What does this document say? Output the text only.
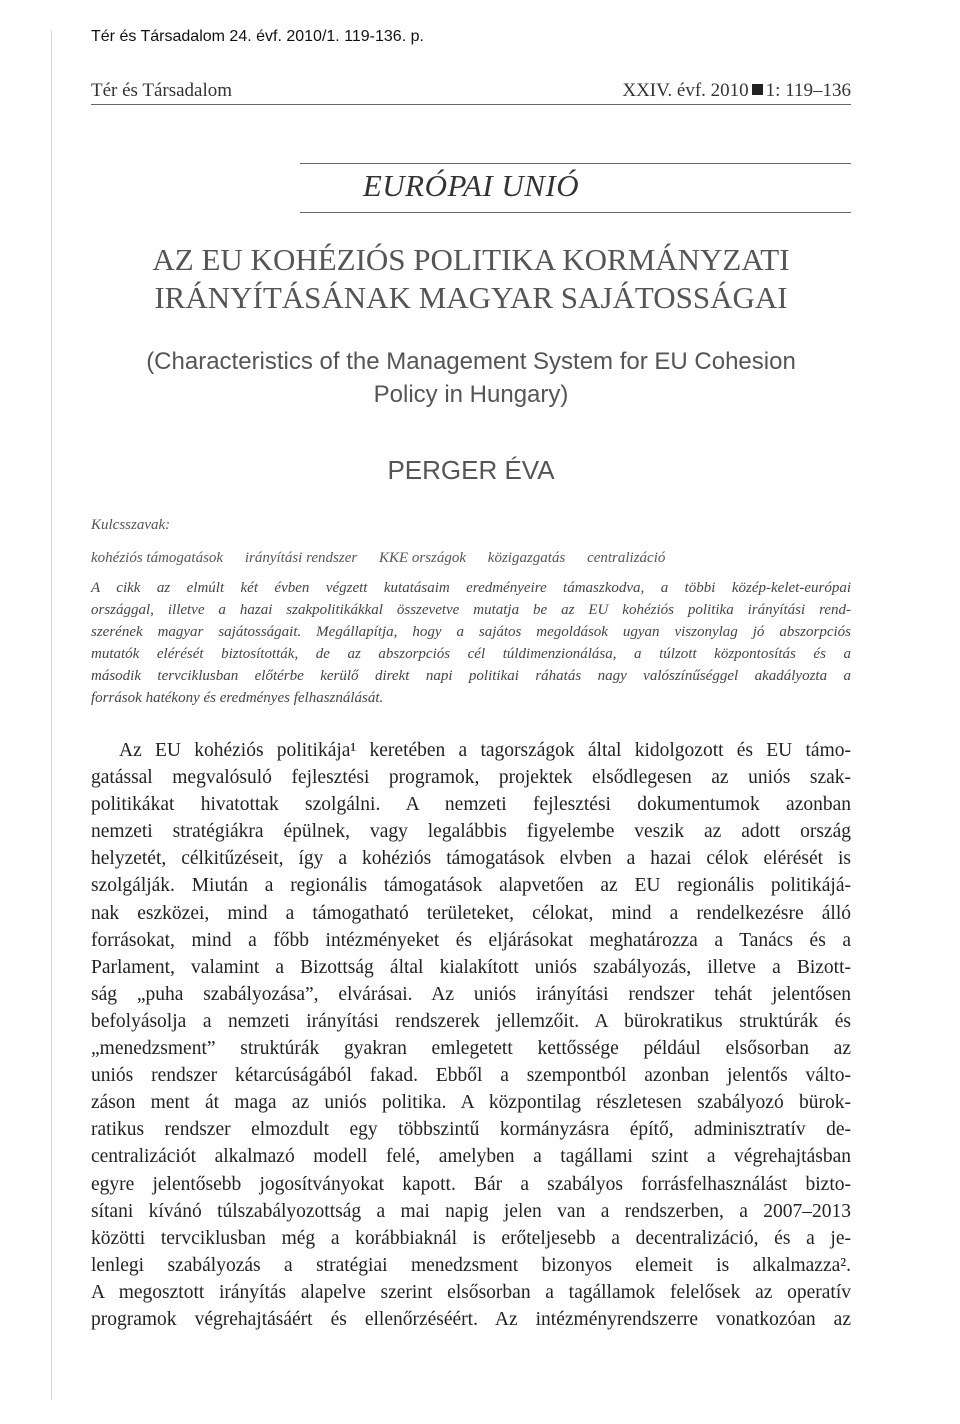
Tér és Társadalom 24. évf. 2010/1. 119-136. p.
Tér és Társadalom	XXIV. évf. 2010 1: 119–136
EURÓPAI UNIÓ
AZ EU KOHÉZIÓS POLITIKA KORMÁNYZATI
IRÁNYÍTÁSÁNAK MAGYAR SAJÁTOSSÁGAI
(Characteristics of the Management System for EU Cohesion
Policy in Hungary)
PERGER ÉVA
Kulcsszavak:
kohéziós támogatások irányítási rendszer KKE országok közigazgatás centralizáció
A cikk az elmúlt két évben végzett kutatásaim eredményeire támaszkodva, a többi közép-kelet-európai
országgal, illetve a hazai szakpolitikákkal összevetve mutatja be az EU kohéziós politika irányítási rend-
szerének magyar sajátosságait. Megállapítja, hogy a sajátos megoldások ugyan viszonylag jó abszorpciós
mutatók elérését biztosították, de az abszorpciós cél túldimenzionálása, a túlzott központosítás és a
második tervciklusban előtérbe kerülő direkt napi politikai ráhatás nagy valószínűséggel akadályozta a
források hatékony és eredményes felhasználását.
Az EU kohéziós politikája¹ keretében a tagországok által kidolgozott és EU támo-
gatással megvalósuló fejlesztési programok, projektek elsődlegesen az uniós szak-
politikákat hivatottak szolgálni. A nemzeti fejlesztési dokumentumok azonban
nemzeti stratégiákra épülnek, vagy legalábbis figyelembe veszik az adott ország
helyzetét, célkitűzéseit, így a kohéziós támogatások elvben a hazai célok elérését is
szolgálják. Miután a regionális támogatások alapvetően az EU regionális politikájá-
nak eszközei, mind a támogatható területeket, célokat, mind a rendelkezésre álló
forrásokat, mind a főbb intézményeket és eljárásokat meghatározza a Tanács és a
Parlament, valamint a Bizottság által kialakított uniós szabályozás, illetve a Bizott-
ság „puha szabályozása”, elvárásai. Az uniós irányítási rendszer tehát jelentősen
befolyásolja a nemzeti irányítási rendszerek jellemzőit. A bürokratikus struktúrák és
„menedzsment” struktúrák gyakran emlegetett kettőssége például elsősorban az
uniós rendszer kétarcúságából fakad. Ebből a szempontból azonban jelentős válto-
záson ment át maga az uniós politika. A központilag részletesen szabályozó bürok-
ratikus rendszer elmozdult egy többszintű kormányzásra építő, adminisztratív de-
centralizációt alkalmazó modell felé, amelyben a tagállami szint a végrehajtásban
egyre jelentősebb jogosítványokat kapott. Bár a szabályos forrásfelhasználást bizto-
sítani kívánó túlszabályozottság a mai napig jelen van a rendszerben, a 2007–2013
közötti tervciklusban még a korábbiaknál is erőteljesebb a decentralizáció, és a je-
lenlegi szabályozás a stratégiai menedzsment bizonyos elemeit is alkalmazza².
A megosztott irányítás alapelve szerint elsősorban a tagállamok felelősek az operatív
programok végrehajtásáért és ellenőrzéséért. Az intézményrendszerre vonatkozóan az
